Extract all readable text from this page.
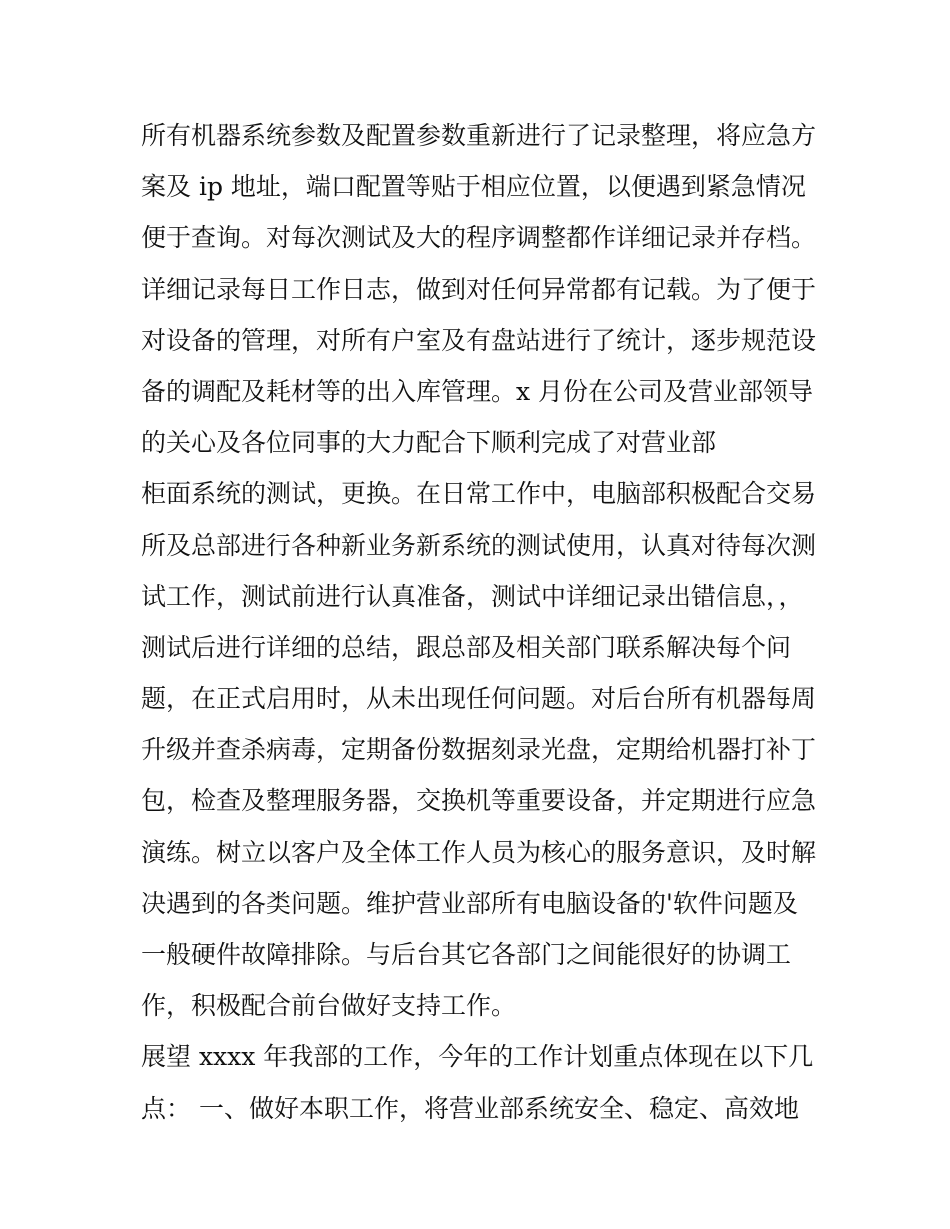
所有机器系统参数及配置参数重新进行了记录整理，将应急方
案及 ip 地址，端口配置等贴于相应位置，以便遇到紧急情况
便于查询。对每次测试及大的程序调整都作详细记录并存档。
详细记录每日工作日志，做到对任何异常都有记载。为了便于
对设备的管理，对所有户室及有盘站进行了统计，逐步规范设
备的调配及耗材等的出入库管理。x 月份在公司及营业部领导
的关心及各位同事的大力配合下顺利完成了对营业部
柜面系统的测试，更换。在日常工作中，电脑部积极配合交易
所及总部进行各种新业务新系统的测试使用，认真对待每次测
试工作，测试前进行认真准备，测试中详细记录出错信息，，
测试后进行详细的总结，跟总部及相关部门联系解决每个问
题，在正式启用时，从未出现任何问题。对后台所有机器每周
升级并查杀病毒，定期备份数据刻录光盘，定期给机器打补丁
包，检查及整理服务器，交换机等重要设备，并定期进行应急
演练。树立以客户及全体工作人员为核心的服务意识，及时解
决遇到的各类问题。维护营业部所有电脑设备的'软件问题及
一般硬件故障排除。与后台其它各部门之间能很好的协调工
作，积极配合前台做好支持工作。
展望 xxxx 年我部的工作，今年的工作计划重点体现在以下几
点： 一、做好本职工作，将营业部系统安全、稳定、高效地
